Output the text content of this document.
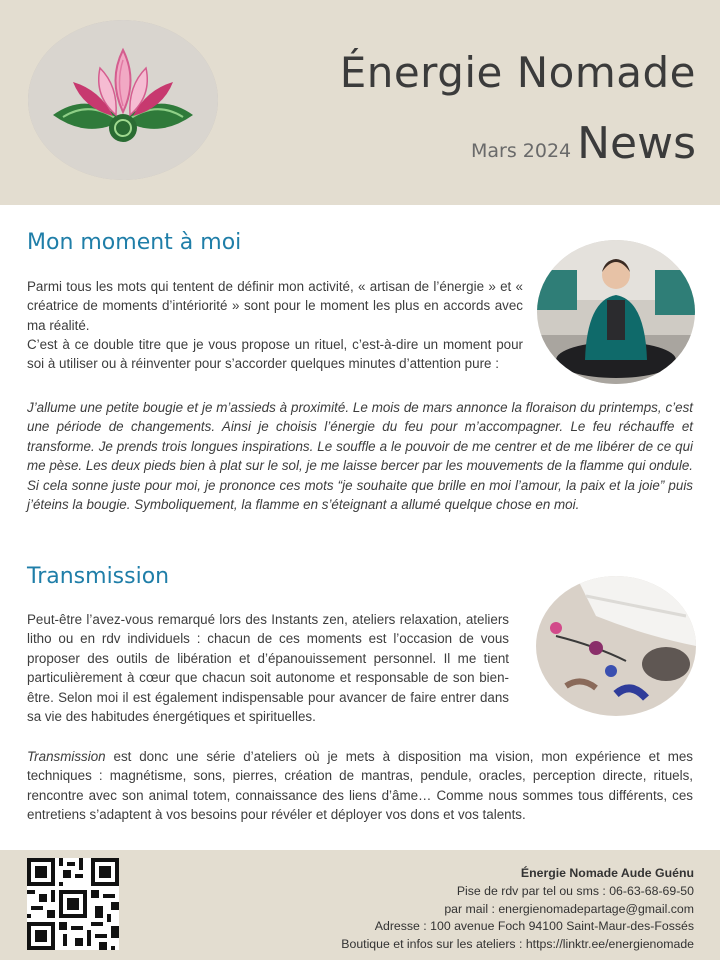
Énergie Nomade
Mars 2024 News
Mon moment à moi

Parmi tous les mots qui tentent de définir mon activité, « artisan de l’énergie » et « créatrice de moments d’intériorité » sont pour le moment les plus en accords avec ma réalité.

C’est à ce double titre que je vous propose un rituel, c’est-à-dire un moment pour soi à utiliser ou à réinventer pour s’accorder quelques minutes d’attention pure :

J’allume une petite bougie et je m’assieds à proximité. Le mois de mars annonce la floraison du printemps, c’est une période de changements. Ainsi je choisis l’énergie du feu pour m’accompagner. Le feu réchauffe et transforme. Je prends trois longues inspirations. Le souffle a le pouvoir de me centrer et de me libérer de ce qui me pèse. Les deux pieds bien à plat sur le sol, je me laisse bercer par les mouvements de la flamme qui ondule. Si cela sonne juste pour moi, je prononce ces mots “je souhaite que brille en moi l’amour, la paix et la joie” puis j’éteins la bougie. Symboliquement, la flamme en s’éteignant a allumé quelque chose en moi.

Transmission

Peut-être l’avez-vous remarqué lors des Instants zen, ateliers relaxation, ateliers litho ou en rdv individuels : chacun de ces moments est l’occasion de vous proposer des outils de libération et d’épanouissement personnel. Il me tient particulièrement à cœur que chacun soit autonome et responsable de son bien-être. Selon moi il est également indispensable pour avancer de faire entrer dans sa vie des habitudes énergétiques et spirituelles.

Transmission est donc une série d’ateliers où je mets à disposition ma vision, mon expérience et mes techniques : magnétisme, sons, pierres, création de mantras, pendule, oracles, perception directe, rituels, rencontre avec son animal totem, connaissance des liens d’âme… Comme nous sommes tous différents, ces entretiens s’adaptent à vos besoins pour révéler et déployer vos dons et vos talents.

Énergie Nomade Aude Guénu
Pise de rdv par tel ou sms : 06-63-68-69-50
par mail : energienomadepartage@gmail.com
Adresse : 100 avenue Foch 94100 Saint-Maur-des-Fossés
Boutique et infos sur les ateliers : https://linktr.ee/energienomade
